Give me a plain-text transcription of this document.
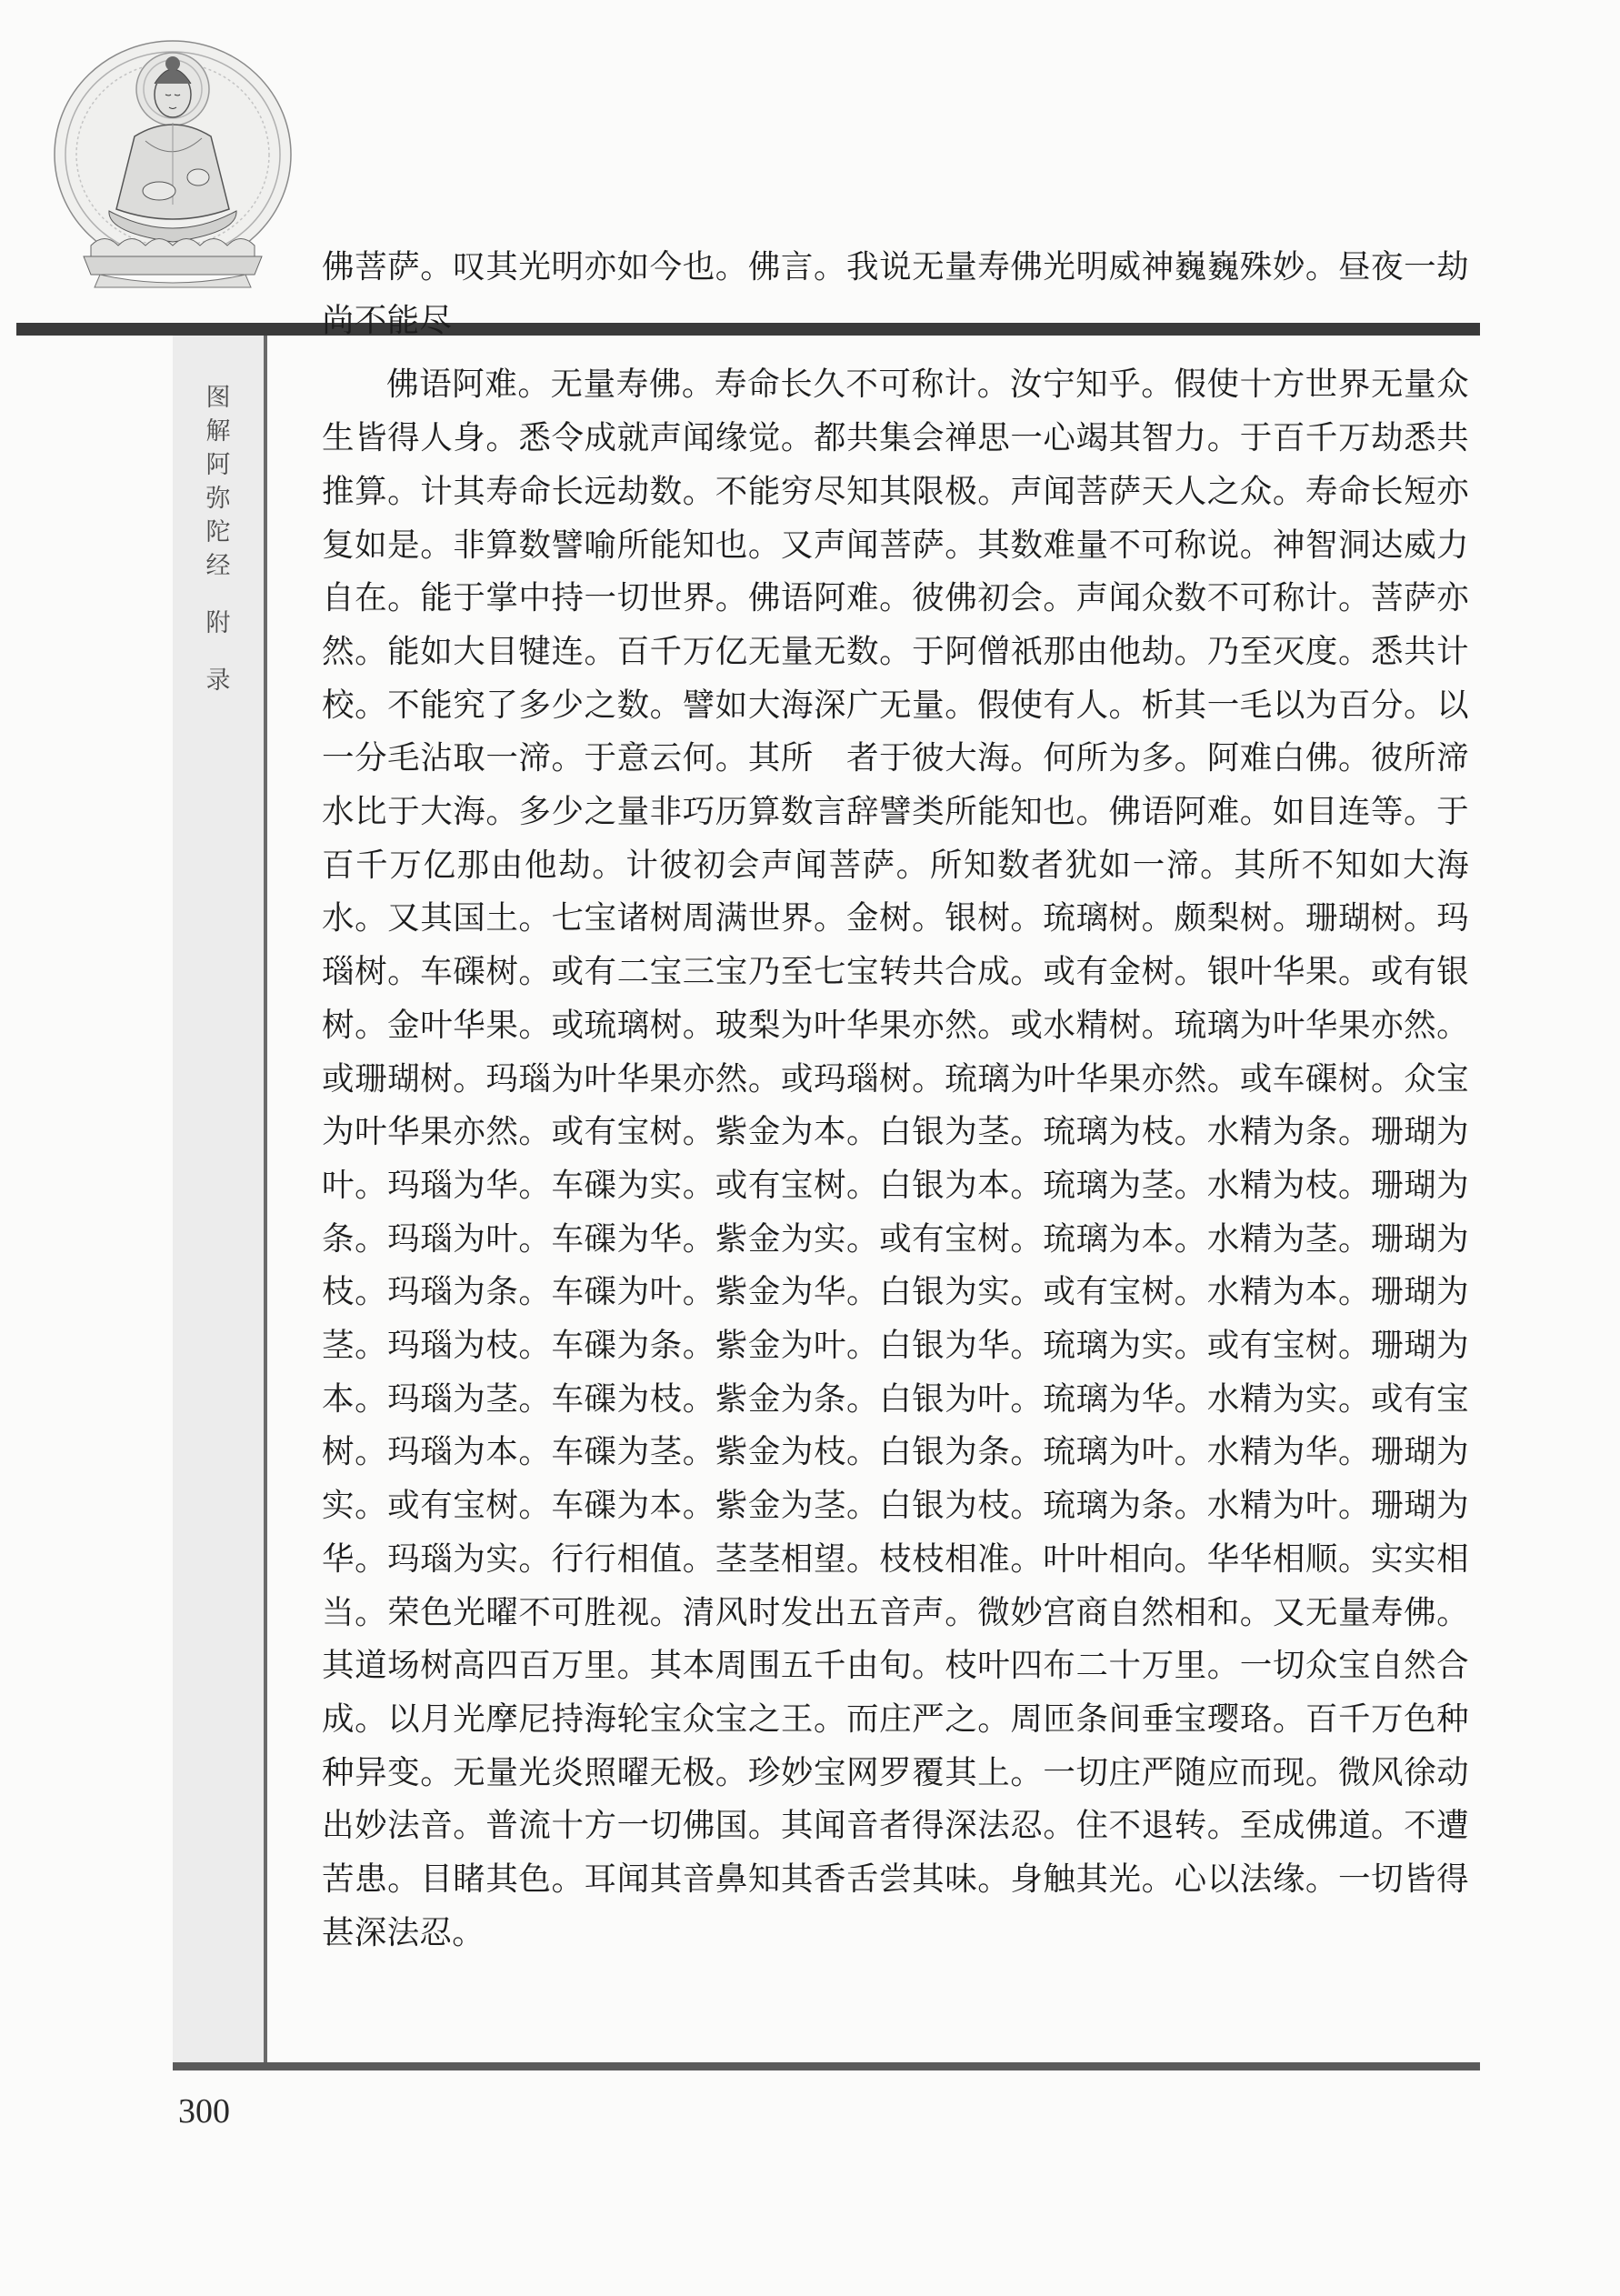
图
解
阿
弥
陀
经
附
录

佛菩萨。叹其光明亦如今也。佛言。我说无量寿佛光明威神巍巍殊妙。昼夜一劫尚不能尽

佛语阿难。无量寿佛。寿命长久不可称计。汝宁知乎。假使十方世界无量众生皆得人身。悉令成就声闻缘觉。都共集会禅思一心竭其智力。于百千万劫悉共推算。计其寿命长远劫数。不能穷尽知其限极。声闻菩萨天人之众。寿命长短亦复如是。非算数譬喻所能知也。又声闻菩萨。其数难量不可称说。神智洞达威力自在。能于掌中持一切世界。佛语阿难。彼佛初会。声闻众数不可称计。菩萨亦然。能如大目犍连。百千万亿无量无数。于阿僧祇那由他劫。乃至灭度。悉共计校。不能究了多少之数。譬如大海深广无量。假使有人。析其一毛以为百分。以一分毛沾取一渧。于意云何。其所　者于彼大海。何所为多。阿难白佛。彼所渧水比于大海。多少之量非巧历算数言辞譬类所能知也。佛语阿难。如目连等。于百千万亿那由他劫。计彼初会声闻菩萨。所知数者犹如一渧。其所不知如大海水。又其国土。七宝诸树周满世界。金树。银树。琉璃树。颇梨树。珊瑚树。玛瑙树。车磲树。或有二宝三宝乃至七宝转共合成。或有金树。银叶华果。或有银树。金叶华果。或琉璃树。玻梨为叶华果亦然。或水精树。琉璃为叶华果亦然。或珊瑚树。玛瑙为叶华果亦然。或玛瑙树。琉璃为叶华果亦然。或车磲树。众宝为叶华果亦然。或有宝树。紫金为本。白银为茎。琉璃为枝。水精为条。珊瑚为叶。玛瑙为华。车磲为实。或有宝树。白银为本。琉璃为茎。水精为枝。珊瑚为条。玛瑙为叶。车磲为华。紫金为实。或有宝树。琉璃为本。水精为茎。珊瑚为枝。玛瑙为条。车磲为叶。紫金为华。白银为实。或有宝树。水精为本。珊瑚为茎。玛瑙为枝。车磲为条。紫金为叶。白银为华。琉璃为实。或有宝树。珊瑚为本。玛瑙为茎。车磲为枝。紫金为条。白银为叶。琉璃为华。水精为实。或有宝树。玛瑙为本。车磲为茎。紫金为枝。白银为条。琉璃为叶。水精为华。珊瑚为实。或有宝树。车磲为本。紫金为茎。白银为枝。琉璃为条。水精为叶。珊瑚为华。玛瑙为实。行行相值。茎茎相望。枝枝相准。叶叶相向。华华相顺。实实相当。荣色光曜不可胜视。清风时发出五音声。微妙宫商自然相和。又无量寿佛。其道场树高四百万里。其本周围五千由旬。枝叶四布二十万里。一切众宝自然合成。以月光摩尼持海轮宝众宝之王。而庄严之。周匝条间垂宝璎珞。百千万色种种异变。无量光炎照曜无极。珍妙宝网罗覆其上。一切庄严随应而现。微风徐动出妙法音。普流十方一切佛国。其闻音者得深法忍。住不退转。至成佛道。不遭苦患。目睹其色。耳闻其音鼻知其香舌尝其味。身触其光。心以法缘。一切皆得甚深法忍。

300
